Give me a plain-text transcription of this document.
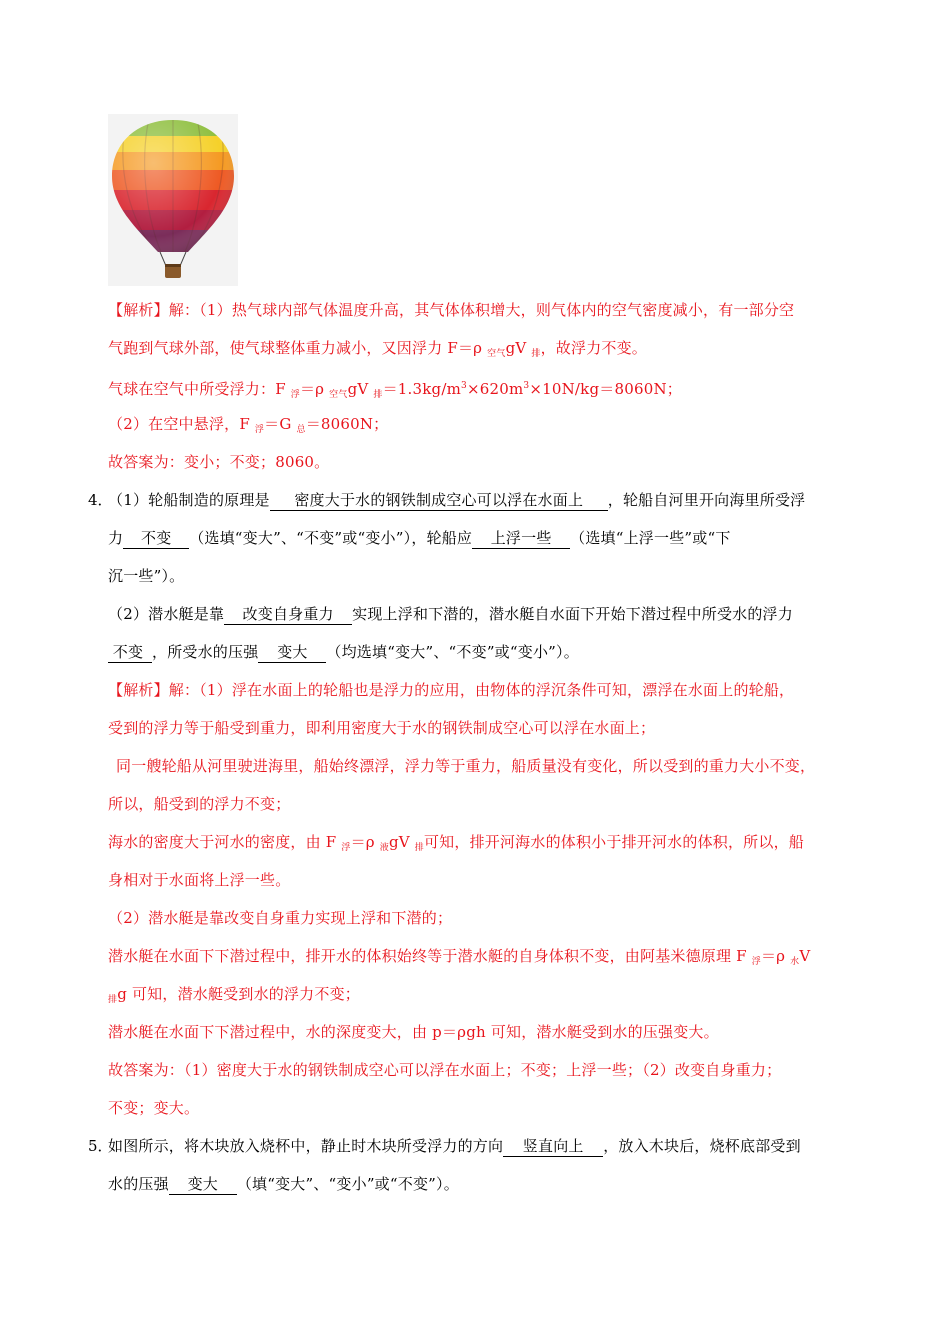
【解析】解：（1）热气球内部气体温度升高，其气体体积增大，则气体内的空气密度减小，有一部分空
气跑到气球外部，使气球整体重力减小，又因浮力 F＝ρ $_{空气}$gV $_排$，故浮力不变。
气球在空气中所受浮力：F $_浮$＝ρ $_{空气}$gV $_排=1.3kg/m^3\times 620m^3\times 10N/kg=8060N$；
（2）在空中悬浮，F $_浮$＝G $_总$＝8060N；
故答案为：变小；不变；8060。
4．
（1）轮船制造的原理是 密度大于水的钢铁制成空心可以浮在水面上 ，轮船自河里开向海里所受浮
力 不变 （选填“变大”、“不变”或“变小”），轮船应 上浮一些 （选填“上浮一些”或“下
沉一些”）。
（2）潜水艇是靠 改变自身重力 实现上浮和下潜的，潜水艇自水面下开始下潜过程中所受水的浮力
不变 ，所受水的压强 变大 （均选填“变大”、“不变”或“变小”）。
【解析】解：（1）浮在水面上的轮船也是浮力的应用，由物体的浮沉条件可知，漂浮在水面上的轮船，
受到的浮力等于船受到重力，即利用密度大于水的钢铁制成空心可以浮在水面上；
同一艘轮船从河里驶进海里，船始终漂浮，浮力等于重力，船质量没有变化，所以受到的重力大小不变，
所以，船受到的浮力不变；
海水的密度大于河水的密度，由 F $_浮$＝ρ $_液$gV $_排$可知，排开河海水的体积小于排开河水的体积，所以，船
身相对于水面将上浮一些。
（2）潜水艇是靠改变自身重力实现上浮和下潜的；
潜水艇在水面下下潜过程中，排开水的体积始终等于潜水艇的自身体积不变，由阿基米德原理 F $_浮$＝ρ $_水$V
$_排$g 可知，潜水艇受到水的浮力不变；
潜水艇在水面下下潜过程中，水的深度变大，由 p＝ρgh 可知，潜水艇受到水的压强变大。
故答案为：（1）密度大于水的钢铁制成空心可以浮在水面上；不变；上浮一些；（2）改变自身重力；
不变；变大。
5．
如图所示，将木块放入烧杯中，静止时木块所受浮力的方向 竖直向上 ，放入木块后，烧杯底部受到
水的压强 变大 （填“变大”、“变小”或“不变”）。
